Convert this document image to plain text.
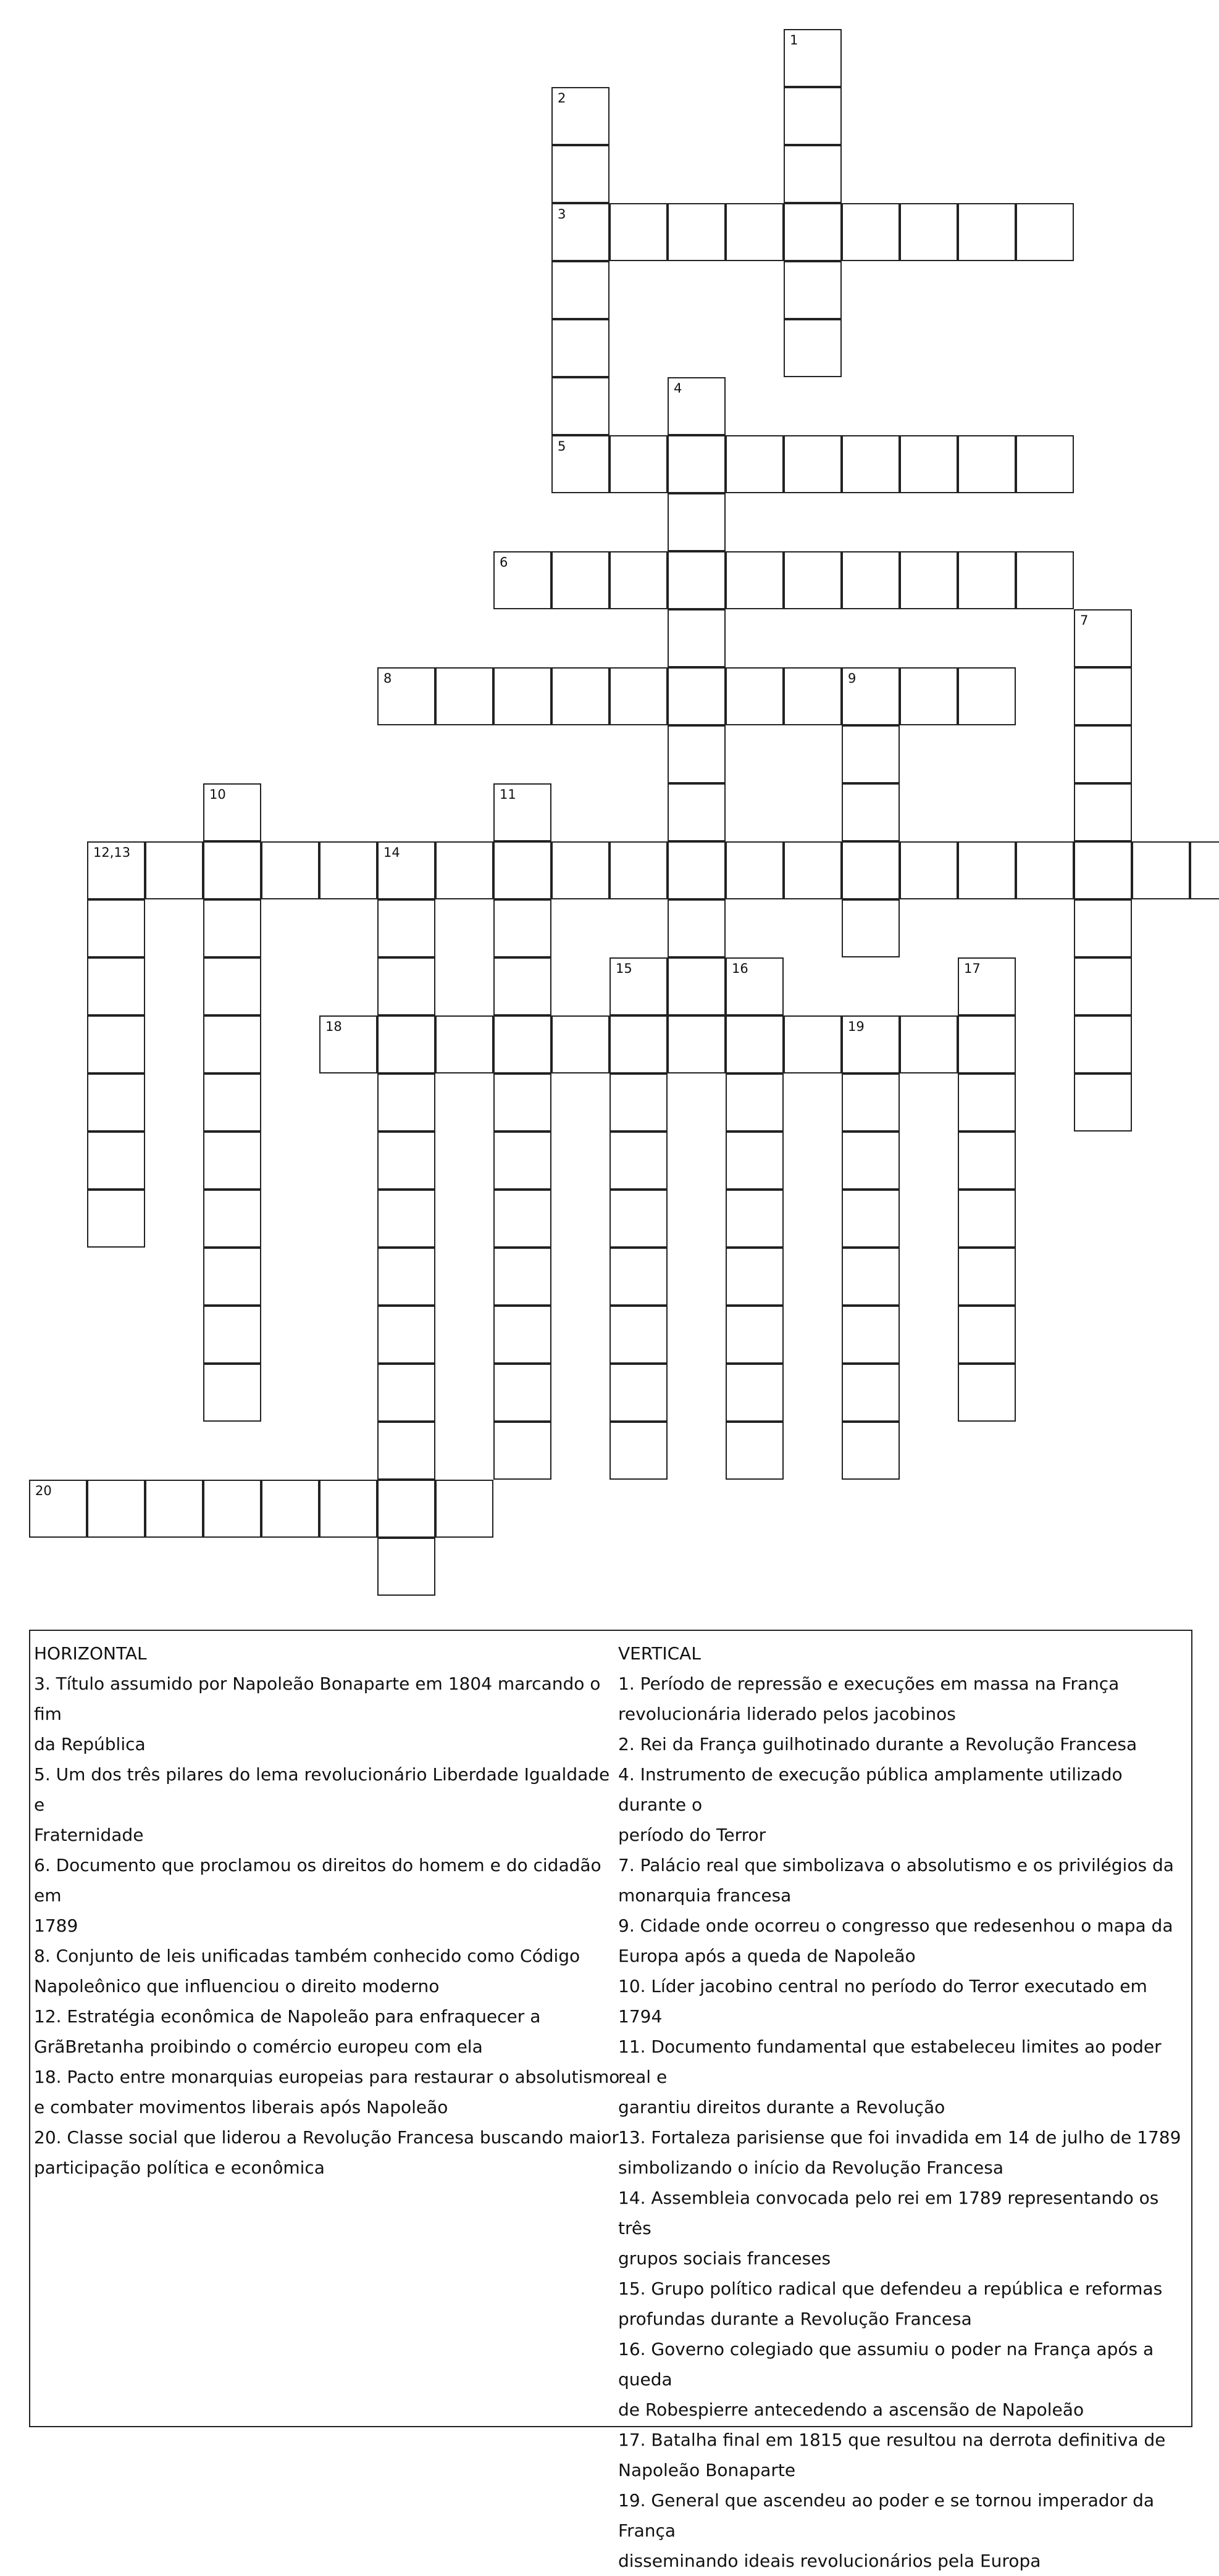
1
2
3
4
5
6
7
8	9
10	11
12,13	14
15	16	17
18	19
20
HORIZONTAL
3. Título assumido por Napoleão Bonaparte em 1804 marcando o fim
da República
5. Um dos três pilares do lema revolucionário Liberdade Igualdade e
Fraternidade
6. Documento que proclamou os direitos do homem e do cidadão em
1789
8. Conjunto de leis unificadas também conhecido como Código
Napoleônico que influenciou o direito moderno
12. Estratégia econômica de Napoleão para enfraquecer a
GrãBretanha proibindo o comércio europeu com ela
18. Pacto entre monarquias europeias para restaurar o absolutismo
e combater movimentos liberais após Napoleão
20. Classe social que liderou a Revolução Francesa buscando maior
participação política e econômica
VERTICAL
1. Período de repressão e execuções em massa na França
revolucionária liderado pelos jacobinos
2. Rei da França guilhotinado durante a Revolução Francesa
4. Instrumento de execução pública amplamente utilizado durante o
período do Terror
7. Palácio real que simbolizava o absolutismo e os privilégios da
monarquia francesa
9. Cidade onde ocorreu o congresso que redesenhou o mapa da
Europa após a queda de Napoleão
10. Líder jacobino central no período do Terror executado em 1794
11. Documento fundamental que estabeleceu limites ao poder real e
garantiu direitos durante a Revolução
13. Fortaleza parisiense que foi invadida em 14 de julho de 1789
simbolizando o início da Revolução Francesa
14. Assembleia convocada pelo rei em 1789 representando os três
grupos sociais franceses
15. Grupo político radical que defendeu a república e reformas
profundas durante a Revolução Francesa
16. Governo colegiado que assumiu o poder na França após a queda
de Robespierre antecedendo a ascensão de Napoleão
17. Batalha final em 1815 que resultou na derrota definitiva de
Napoleão Bonaparte
19. General que ascendeu ao poder e se tornou imperador da França
disseminando ideais revolucionários pela Europa
